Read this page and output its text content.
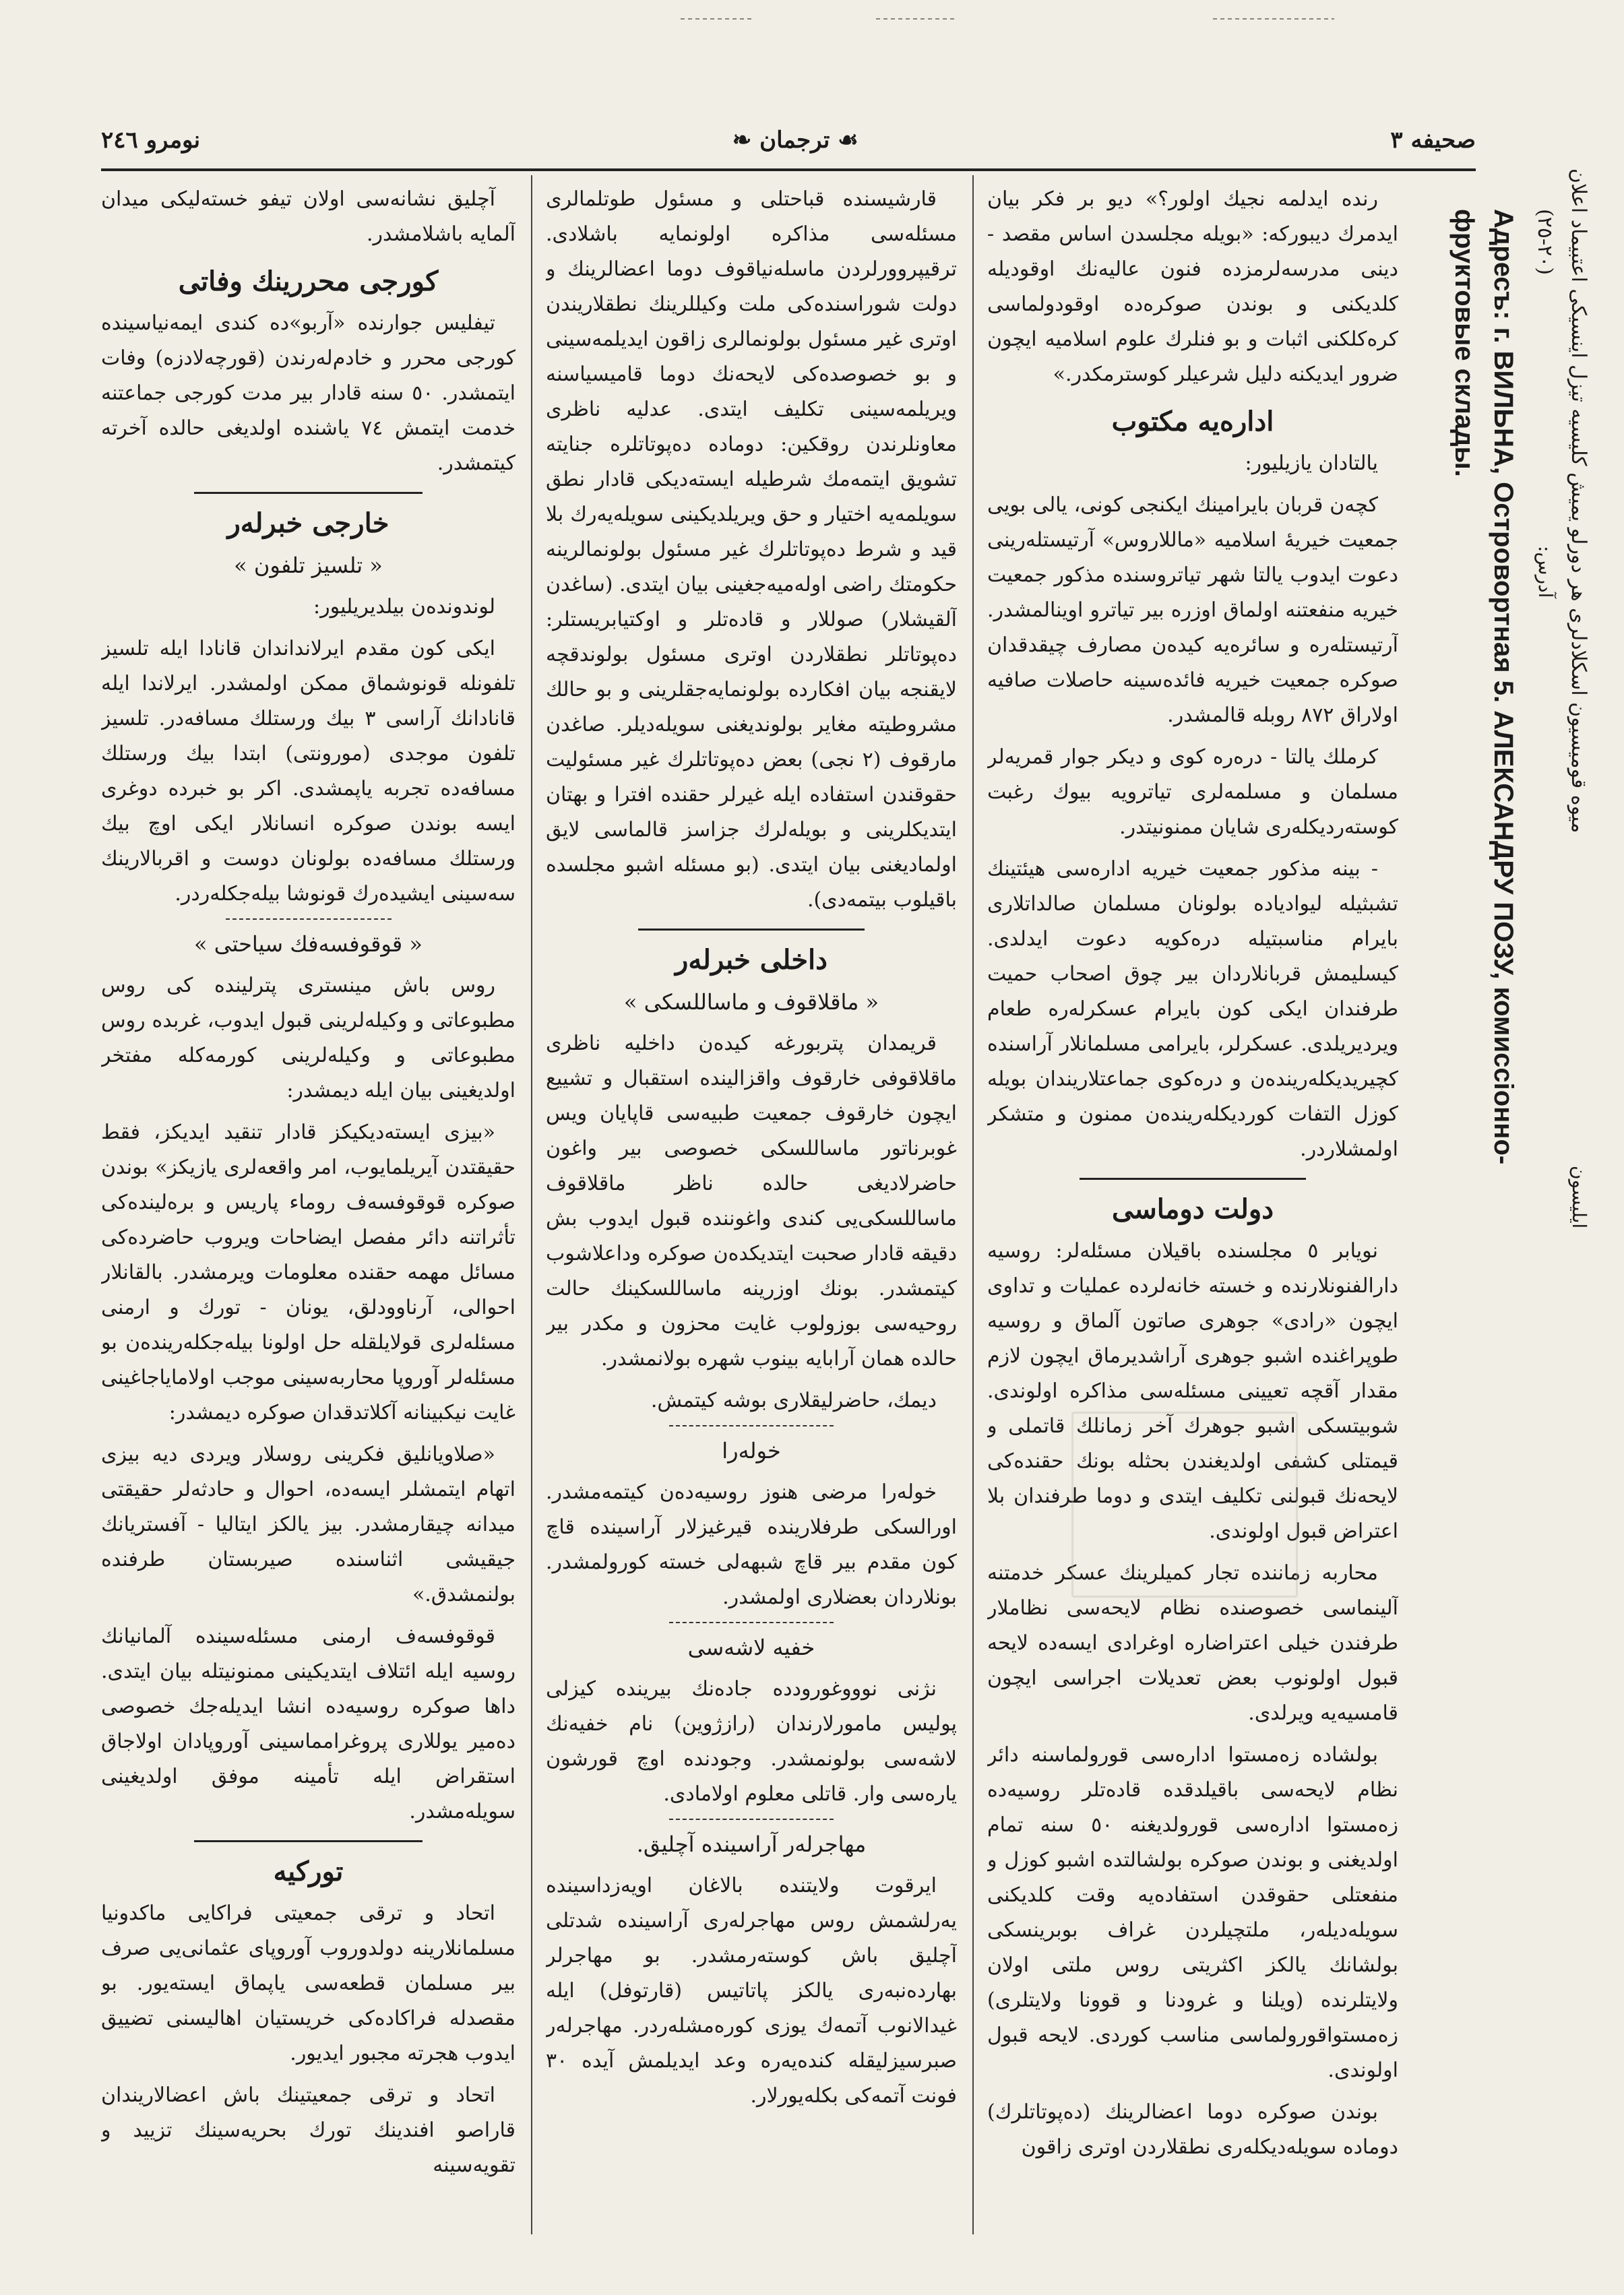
نومرو ٢٤٦	❧ ترجمان ☙	صحیفه ٣

آچلیق نشانه‌سی اولان تیفو خسته‌لیکی میدان آلمایه باشلامشدر.

کورجی محررینك وفاتی

تیفلیس جوارنده «آربو»ده کندی ایمه‌نیاسینده کورجی محرر و خادم‌له‌رندن (قورچه‌لادزه) وفات ایتمشدر. ٥٠ سنه قادار بیر مدت کورجی جماعتنه خدمت ایتمش ٧٤ یاشنده اولدیغی حالده آخرته کیتمشدر.

خارجی خبرله‌ر
« تلسیز تلفون »

لوندونده‌ن بیلدیریلیور:

ایکی کون مقدم ایرلانداندان قانادا ایله تلسیز تلفونله قونوشماق ممکن اولمشدر. ایرلاندا ایله قانادانك آراسی ٣ بیك ورستلك مسافه‌در. تلسیز تلفون موجدی (مورونتی) ابتدا بیك ورستلك مسافه‌ده تجربه یاپمشدی. اکر بو خبرده دوغری ایسه بوندن صوکره انسانلار ایکی اوچ بیك ورستلك مسافه‌ده بولونان دوست و اقربالارینك سه‌سینی ایشیده‌رك قونوشا بیله‌جکله‌ردر.

« قوقوفسه‌فك سیاحتی »

روس باش مینستری پترلینده کی روس مطبوعاتی و وکیله‌لرینی قبول ایدوب، غربده روس مطبوعاتی و وکیله‌لرینی کورمه‌کله مفتخر اولدیغینی بیان ایله دیمشدر:

«بیزی ایسته‌دیکیکز قادار تنقید ایدیکز، فقط حقیقتدن آیریلمایوب، امر واقعه‌لری یازیکز» بوندن صوکره قوقوفسه‌ف روماء پاریس و بره‌لینده‌کی تأثراتنه دائر مفصل ایضاحات ویروب حاضرده‌کی مسائل مهمه حقنده معلومات ویرمشدر. بالقانلار احوالی، آرناوودلق، یونان - تورك و ارمنی مسئله‌لری قولایلقله حل اولونا بیله‌جکله‌رینده‌ن بو مسئله‌لر آوروپا محاربه‌سینی موجب اولامایاجاغینی غایت نیکبینانه آکلاتدقدان صوکره دیمشدر:

«صلاویانلیق فکرینی روسلار ویردی دیه بیزی اتهام ایتمشلر ایسه‌ده، احوال و حادثه‌لر حقیقتی میدانه چیقارمشدر. بیز یالکز ایتالیا - آفستریانك جیقیشی اثناسنده صیربستان طرفنده بولنمشدق.»

قوقوفسه‌ف ارمنی مسئله‌سینده آلمانیانك روسیه ایله ائتلاف ایتدیکینی ممنونیتله بیان ایتدی. داها صوکره روسیه‌ده انشا ایدیله‌جك خصوصی ده‌میر یوللاری پروغرامماسینی آوروپادان اولاجاق استقراض ایله تأمینه موفق اولدیغینی سویله‌مشدر.

تورکیه

اتحاد و ترقی جمعیتی فراکایی ماکدونیا مسلمانلارینه دولدوروب آوروپای عثمانی‌یی صرف بیر مسلمان قطعه‌سی یاپماق ایسته‌یور. بو مقصدله فراکاده‌کی خریستیان اهالیسنی تضییق ایدوب هجرته مجبور ایدیور.

اتحاد و ترقی جمعیتینك باش اعضالاریندان قاراصو افندینك تورك بحریه‌سینك تزیید و تقویه‌سینه

قارشیسنده قباحتلی و مسئول طوتلمالری مسئله‌سی مذاکره اولونمایه باشلادی. ترقیپروورلردن ماسله‌نیاقوف دوما اعضالرینك و دولت شوراسنده‌کی ملت وکیللرینك نطقلاریندن اوتری غیر مسئول بولونمالری زاقون ایدیلمه‌سینی و بو خصوصده‌کی لایحه‌نك دوما قامیسیاسنه ویریلمه‌سینی تکلیف ایتدی. عدلیه ناظری معاونلرندن روقکین: دوماده ده‌پوتاتلره جنایته تشویق ایتمه‌مك شرطیله ایسته‌دیکی قادار نطق سویلمه‌یه اختیار و حق ویریلدیکینی سویله‌یه‌رك بلا قید و شرط ده‌پوتاتلرك غیر مسئول بولونمالرینه حکومتك راضی اوله‌میه‌جغینی بیان ایتدی. (ساغدن آلقیشلار) صوللار و قاده‌تلر و اوکتیابریستلر: ده‌پوتاتلر نطقلاردن اوتری مسئول بولوندقچه لایقنجه بیان افکارده بولونمایه‌جقلرینی و بو حالك مشروطیته مغایر بولوندیغنی سویله‌دیلر. صاغدن مارقوف (٢ نجی) بعض ده‌پوتاتلرك غیر مسئولیت حقوقندن استفاده ایله غیرلر حقنده افترا و بهتان ایتدیکلرینی و بویله‌لرك جزاسز قالماسی لایق اولمادیغنی بیان ایتدی. (بو مسئله اشبو مجلسده باقیلوب بیتمه‌دی).

داخلی خبرله‌ر
« ماقلاقوف و ماساللسکی »

قریمدان پتربورغه کیده‌ن داخلیه ناظری ماقلاقوفی خارقوف واقزالینده استقبال و تشییع ایچون خارقوف جمعیت طبیه‌سی قاپایان ویس غوبرناتور ماساللسکی خصوصی بیر واغون حاضرلادیغی حالده ناظر ماقلاقوف ماساللسکی‌یی کندی واغوننده قبول ایدوب بش دقیقه قادار صحبت ایتدیکده‌ن صوکره وداعلاشوب کیتمشدر. بونك اوزرینه ماساللسکینك حالت روحیه‌سی بوزولوب غایت محزون و مکدر بیر حالده همان آرابایه بینوب شهره بولانمشدر.

دیمك، حاضرلیقلاری بوشه کیتمش.

خوله‌را

خوله‌را مرضی هنوز روسیه‌ده‌ن کیتمه‌مشدر. اورالسکی طرفلارینده قیرغیزلار آراسینده قاچ کون مقدم بیر قاچ شبهه‌لی خسته کورولمشدر. بونلاردان بعضلاری اولمشدر.

خفیه لاشه‌سی

نژنی نوووغورودده جاده‌نك بیرینده کیزلی پولیس مامورلارندان (رازژوین) نام خفیه‌نك لاشه‌سی بولونمشدر. وجودنده اوچ قورشون یاره‌سی وار. قاتلی معلوم اولامادی.

مهاجرله‌ر آراسینده آچلیق.

ایرقوت ولایتنده بالاغان اویه‌زداسینده یه‌رلشمش روس مهاجرله‌ری آراسینده شدتلی آچلیق باش کوسته‌رمشدر. بو مهاجرلر بهارده‌نبه‌ری یالکز پاتاتیس (قارتوفل) ایله غیدالانوب آتمه‌ك یوزی کوره‌مشله‌ردر. مهاجرله‌ر صبرسیزلیقله کنده‌یه‌ره وعد ایدیلمش آیده ٣٠ فونت آتمه‌کی بکله‌یورلار.

رنده ایدلمه نجیك اولور؟» دیو بر فکر بیان ایدمرك دیبورکه: «بویله مجلسدن اساس مقصد - دینی مدرسه‌لرمزده فنون عالیه‌نك اوقودیله کلدیکنی و بوندن صوکره‌ده اوقودولماسی کره‌کلکنی اثبات و بو فنلرك علوم اسلامیه ایچون ضرور ایدیکنه دلیل شرعیلر کوسترمکدر.»

اداره‌یه مکتوب

یالتادان یازیلیور:

کچه‌ن قربان بایرامینك ایکنجی کونی، یالی بویی جمعیت خیریهٔ اسلامیه «ماللاروس» آرتیستله‌رینی دعوت ایدوب یالتا شهر تیاتروسنده مذکور جمعیت خیریه منفعتنه اولماق اوزره بیر تیاترو اوینالمشدر. آرتیستله‌ره و سائره‌یه کیده‌ن مصارف چیقدقدان صوکره جمعیت خیریه فائده‌سینه حاصلات صافیه اولاراق ٨٧٢ روبله قالمشدر.

کرملك یالتا - دره‌ره کوی و دیکر جوار قمریه‌لر مسلمان و مسلمه‌لری تیاترویه بیوك رغبت کوسته‌ردیکله‌ری شایان ممنونیتدر.

- بینه مذکور جمعیت خیریه اداره‌سی هیئتینك تشبثیله لیوادیاده بولونان مسلمان صالداتلاری بایرام مناسبتیله دره‌کویه دعوت ایدلدی. کیسلیمش قربانلاردان بیر چوق اصحاب حمیت طرفندان ایکی کون بایرام عسکرله‌ره طعام ویردیریلدی. عسکرلر، بایرامی مسلمانلار آراسنده کچیریدیکله‌رینده‌ن و دره‌کوی جماعتلاریندان بویله کوزل التفات کوردیکله‌رینده‌ن ممنون و متشکر اولمشلاردر.

دولت دوماسی

نویابر ٥ مجلسنده باقیلان مسئله‌لر: روسیه دارالفنونلارنده و خسته خانه‌لرده عملیات و تداوی ایچون «رادی» جوهری صاتون آلماق و روسیه طوپراغنده اشبو جوهری آراشدیرماق ایچون لازم مقدار آقچه تعیینی مسئله‌سی مذاکره اولوندی. شوبیتسکی اشبو جوهرك آخر زمانلك قاتملی و قیمتلی کشفی اولدیغندن بحثله بونك حقنده‌کی لایحه‌نك قبولنی تکلیف ایتدی و دوما طرفندان بلا اعتراض قبول اولوندی.

محاربه زماننده تجار کمیلرینك عسکر خدمتنه آلینماسی خصوصنده نظام لایحه‌سی نظاملار طرفندن خیلی اعتراضاره اوغرادی ایسه‌ده لایحه قبول اولونوب بعض تعدیلات اجراسی ایچون قامسیه‌یه ویرلدی.

بولشاده زه‌مستوا اداره‌سی قورولماسنه دائر نظام لایحه‌سی باقیلدقده قاده‌تلر روسیه‌ده زه‌مستوا اداره‌سی قورولدیغنه ٥٠ سنه تمام اولدیغنی و بوندن صوکره بولشالتده اشبو کوزل و منفعتلی حقوقدن استفاده‌یه وقت کلدیکنی سویله‌دیله‌ر، ملتچیلردن غراف بوبرینسکی بولشانك یالکز اکثریتی روس ملتی اولان ولایتلرنده (ویلنا و غرودنا و قوونا ولایتلری) زه‌مستواقورولماسی مناسب کوردی. لایحه قبول اولوندی.

بوندن صوکره دوما اعضالرینك (ده‌پوتاتلرك) دوماده سویله‌دیکله‌ری نطقلاردن اوتری زاقون

میوه قومیسیون اسکلادلری هر دورلو یمیش کلیسیه تیزل اینسیکی اعتبیماد اعلان
(٢٠-٢٥)
آدرس:
Адресъ: г. ВИЛЬНА, Островортная 5. АЛЕКСАНДРУ ПОЗУ, комиссіонно-фруктовые склады.
ایلیسون
